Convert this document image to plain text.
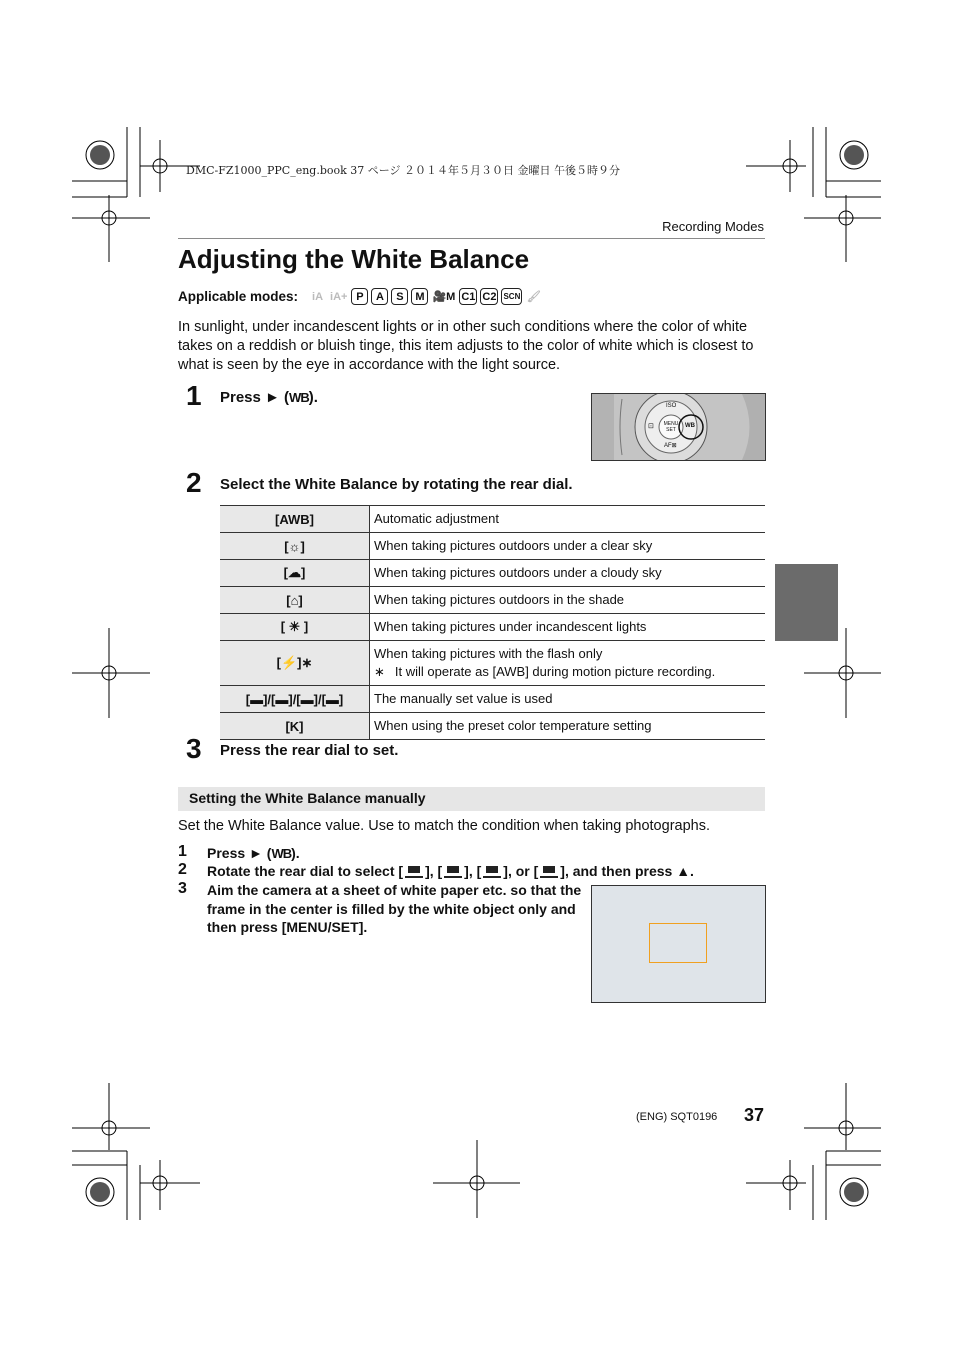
DMC-FZ1000_PPC_eng.book 37 ページ ２０１４年５月３０日 金曜日 午後５時９分
Recording Modes
Adjusting the White Balance
Applicable modes: iA iA+ P	A	S	M 🎥M C1 C2 SCN 🖌
In sunlight, under incandescent lights or in other such conditions where the color of white takes on a reddish or bluish tinge, this item adjusts to the color of white which is closest to what is seen by the eye in accordance with the light source.
1 Press ► (WB).	ISO
MENU SET
WB
AF⊠
⊡
2 Select the White Balance by rotating the rear dial.
[AWB]	Automatic adjustment
[☼]	When taking pictures outdoors under a clear sky
[☁]	When taking pictures outdoors under a cloudy sky
[⌂]	When taking pictures outdoors in the shade
[ ☀ ]	When taking pictures under incandescent lights
[⚡]∗	When taking pictures with the flash only
∗ It will operate as [AWB] during motion picture recording.

[▬]/[▬]/[▬]/[▬]	The manually set value is used
[K]	When using the preset color temperature setting
3 Press the rear dial to set.
Setting the White Balance manually
Set the White Balance value. Use to match the condition when taking photographs.
1 Press ► (WB).
2 Rotate the rear dial to select [ ], [ ], [ ], or [ ], and then press ▲.
3 Aim the camera at a sheet of white paper etc. so that the frame in the center is filled by the white object only and then press [MENU/SET].
(ENG) SQT0196 37
